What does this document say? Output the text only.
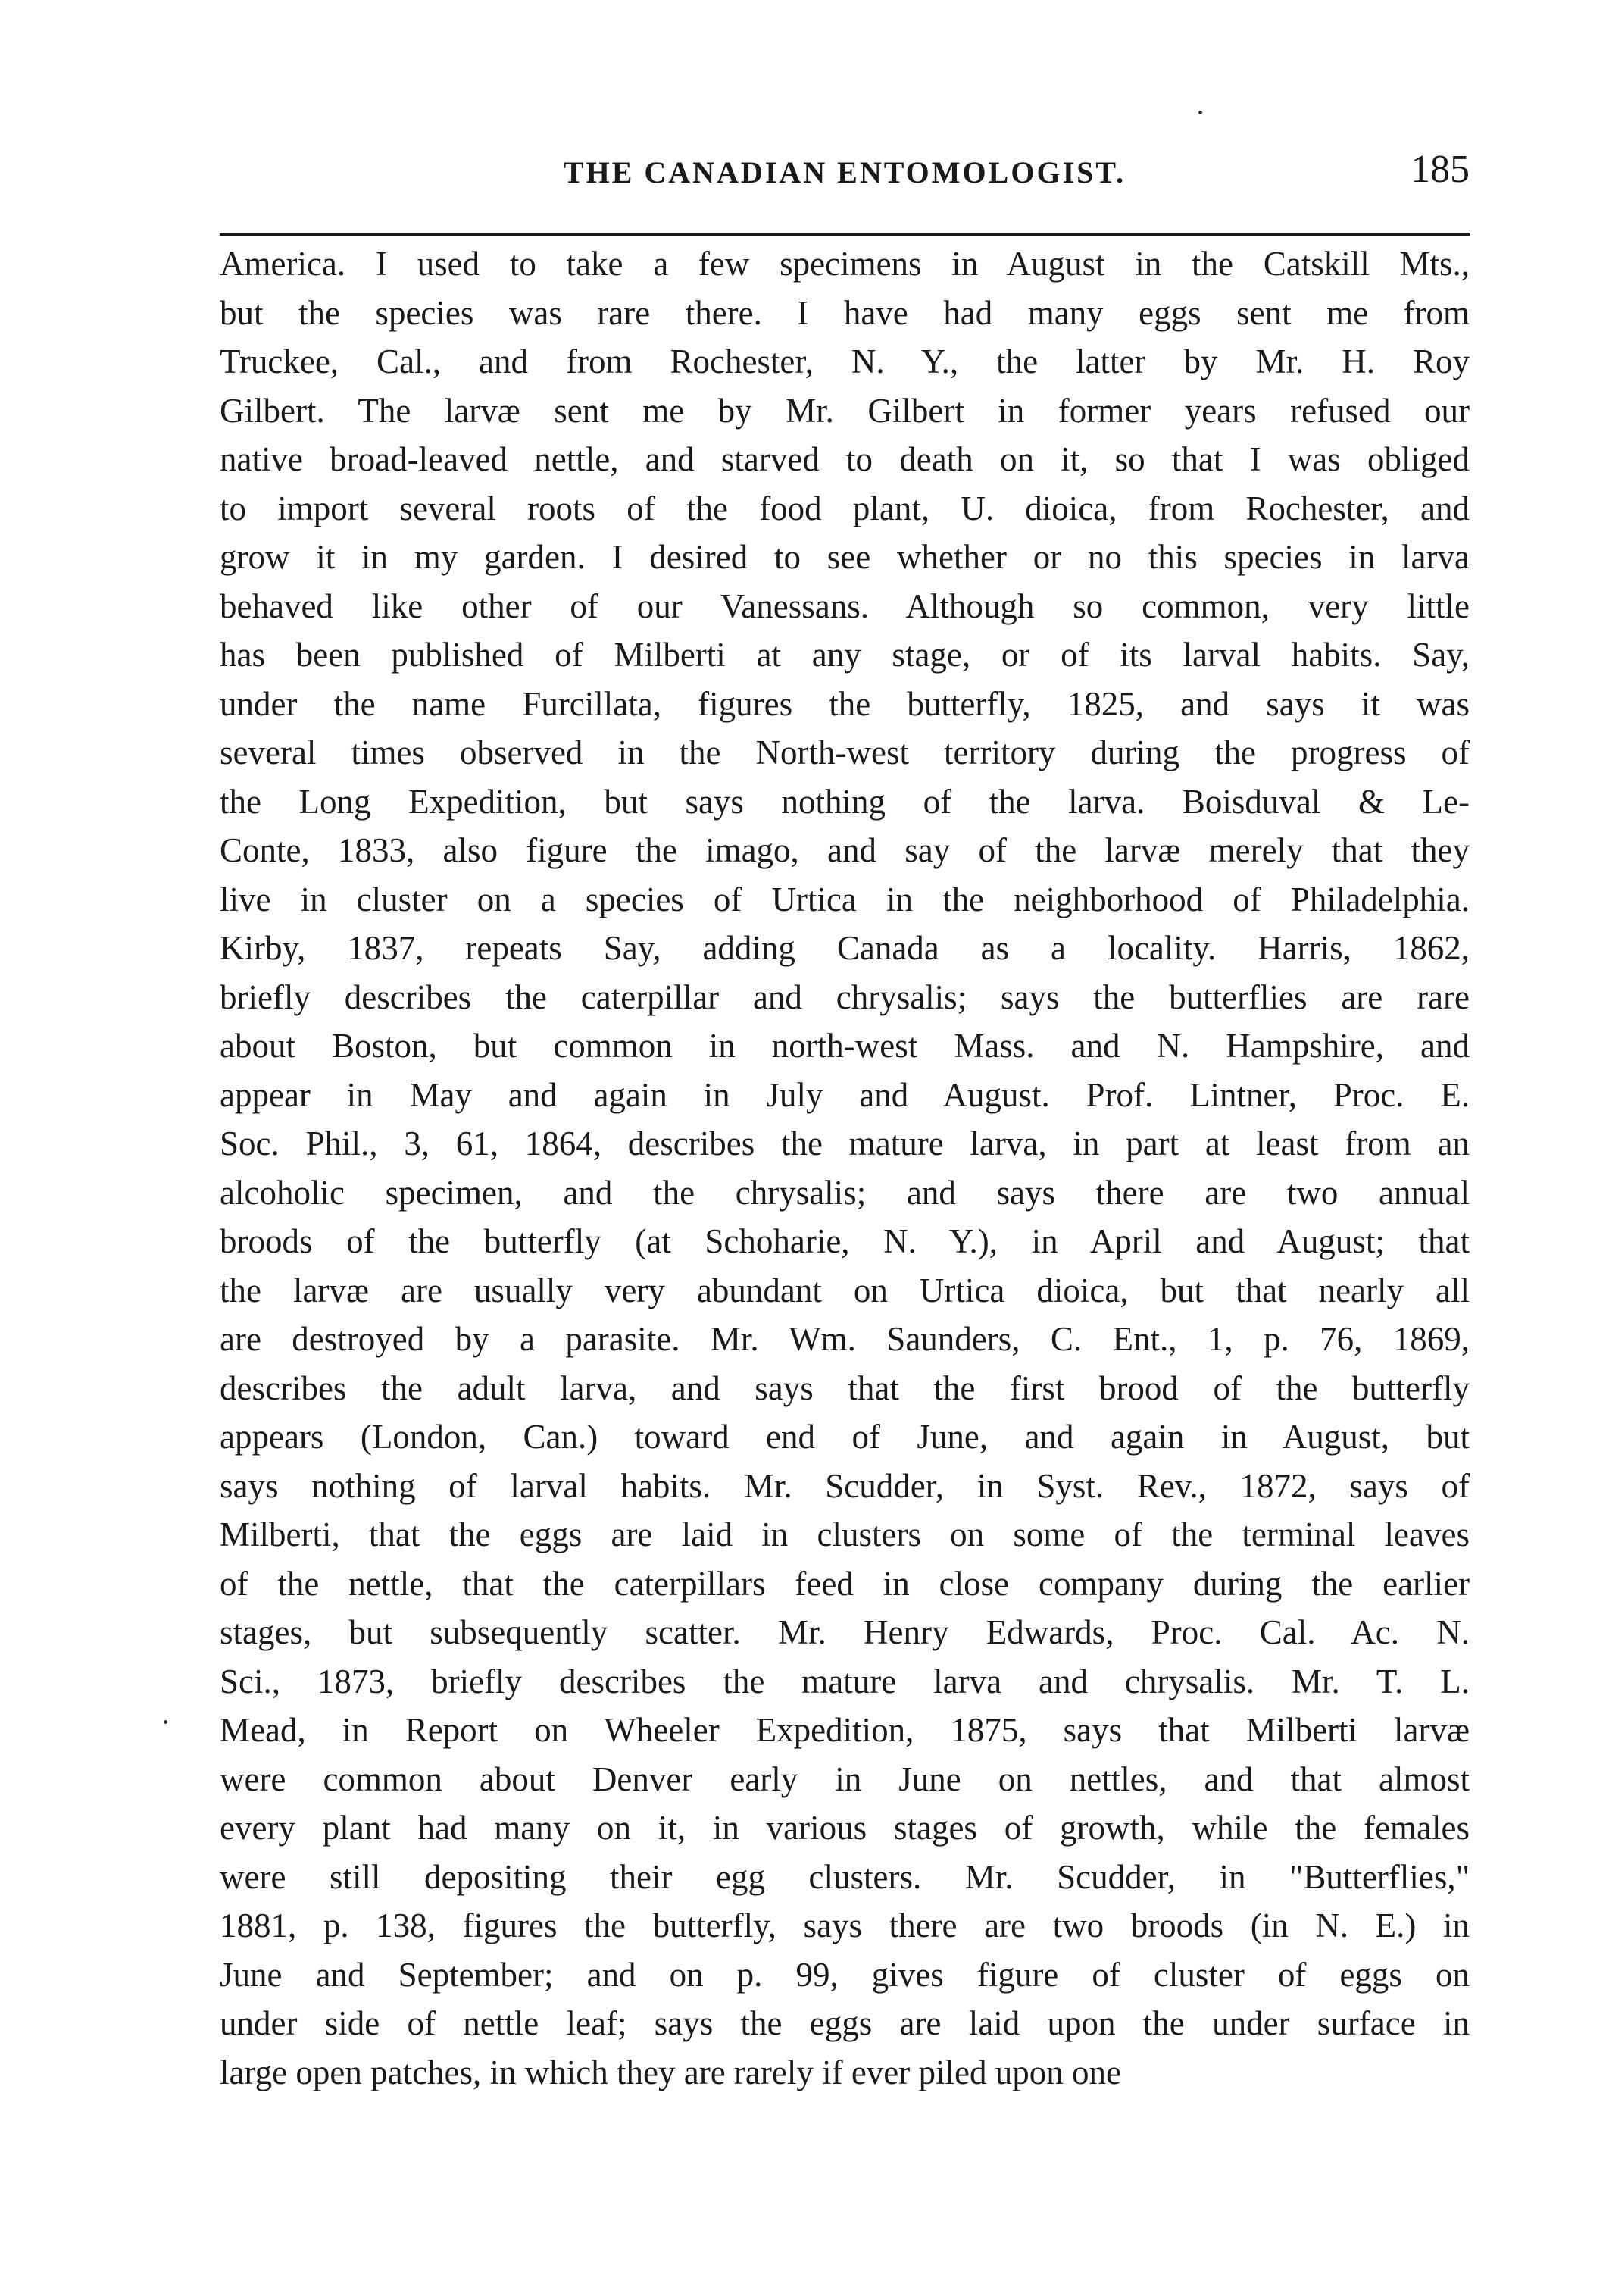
THE CANADIAN ENTOMOLOGIST.	185
America. I used to take a few specimens in August in the Catskill Mts.,
but the species was rare there. I have had many eggs sent me from
Truckee, Cal., and from Rochester, N. Y., the latter by Mr. H. Roy
Gilbert. The larvæ sent me by Mr. Gilbert in former years refused our
native broad-leaved nettle, and starved to death on it, so that I was obliged
to import several roots of the food plant, U. dioica, from Rochester, and
grow it in my garden. I desired to see whether or no this species in larva
behaved like other of our Vanessans. Although so common, very little
has been published of Milberti at any stage, or of its larval habits. Say,
under the name Furcillata, figures the butterfly, 1825, and says it was
several times observed in the North-west territory during the progress of
the Long Expedition, but says nothing of the larva. Boisduval & Le-
Conte, 1833, also figure the imago, and say of the larvæ merely that they
live in cluster on a species of Urtica in the neighborhood of Philadelphia.
Kirby, 1837, repeats Say, adding Canada as a locality. Harris, 1862,
briefly describes the caterpillar and chrysalis; says the butterflies are rare
about Boston, but common in north-west Mass. and N. Hampshire, and
appear in May and again in July and August. Prof. Lintner, Proc. E.
Soc. Phil., 3, 61, 1864, describes the mature larva, in part at least from an
alcoholic specimen, and the chrysalis; and says there are two annual
broods of the butterfly (at Schoharie, N. Y.), in April and August; that
the larvæ are usually very abundant on Urtica dioica, but that nearly all
are destroyed by a parasite. Mr. Wm. Saunders, C. Ent., 1, p. 76, 1869,
describes the adult larva, and says that the first brood of the butterfly
appears (London, Can.) toward end of June, and again in August, but
says nothing of larval habits. Mr. Scudder, in Syst. Rev., 1872, says of
Milberti, that the eggs are laid in clusters on some of the terminal leaves
of the nettle, that the caterpillars feed in close company during the earlier
stages, but subsequently scatter. Mr. Henry Edwards, Proc. Cal. Ac. N.
Sci., 1873, briefly describes the mature larva and chrysalis. Mr. T. L.
Mead, in Report on Wheeler Expedition, 1875, says that Milberti larvæ
were common about Denver early in June on nettles, and that almost
every plant had many on it, in various stages of growth, while the females
were still depositing their egg clusters. Mr. Scudder, in "Butterflies,"
1881, p. 138, figures the butterfly, says there are two broods (in N. E.) in
June and September; and on p. 99, gives figure of cluster of eggs on
under side of nettle leaf; says the eggs are laid upon the under surface in
large open patches, in which they are rarely if ever piled upon one
